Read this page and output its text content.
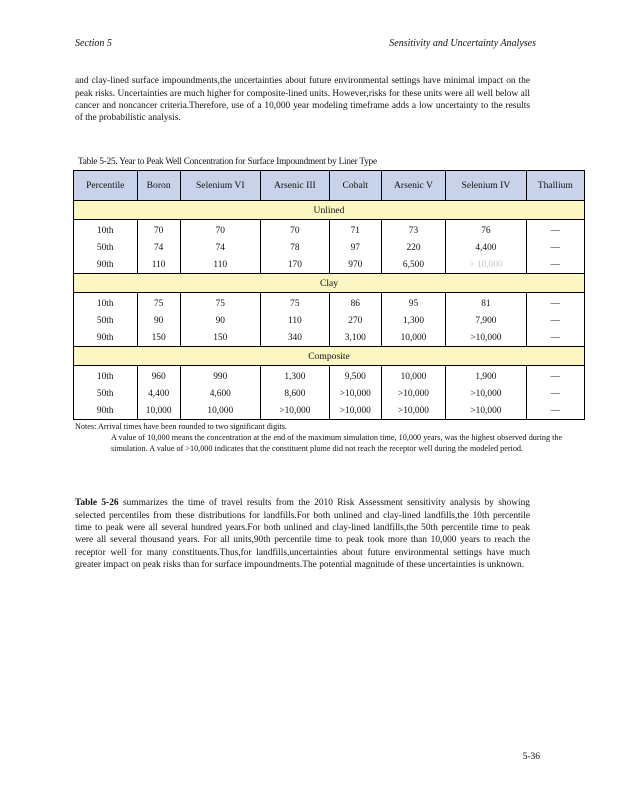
Section 5	Sensitivity and Uncertainty Analyses

and clay-lined surface impoundments,the uncertainties about future environmental settings have minimal impact on the peak risks. Uncertainties are much higher for composite-lined units. However,risks for these units were all well below all cancer and noncancer criteria.Therefore, use of a 10,000 year modeling timeframe adds a low uncertainty to the results of the probabilistic analysis.

Table 5-25. Year to Peak Well Concentration for Surface Impoundment by Liner Type
Percentile	Boron	Selenium VI	Arsenic III	Cobalt	Arsenic V	Selenium IV	Thallium
Unlined							
10th	70	70	70	71	73	76	—
50th	74	74	78	97	220	4,400	—
90th	110	110	170	970	6,500	> 10,000	—
Clay							
10th	75	75	75	86	95	81	—
50th	90	90	110	270	1,300	7,900	—
90th	150	150	340	3,100	10,000	>10,000	—
Composite							
10th	960	990	1,300	9,500	10,000	1,900	—
50th	4,400	4,600	8,600	>10,000	>10,000	>10,000	—
90th	10,000	10,000	>10,000	>10,000	>10,000	>10,000	—
Notes: Arrival times have been rounded to two significant digits.
A value of 10,000 means the concentration at the end of the maximum simulation time, 10,000 years, was the highest observed during the simulation. A value of >10,000 indicates that the constituent plume did not reach the receptor well during the modeled period.

Table 5-26 summarizes the time of travel results from the 2010 Risk Assessment sensitivity analysis by showing selected percentiles from these distributions for landfills.For both unlined and clay-lined landfills,the 10th percentile time to peak were all several hundred years.For both unlined and clay-lined landfills,the 50th percentile time to peak were all several thousand years. For all units,90th percentile time to peak took more than 10,000 years to reach the receptor well for many constituents.Thus,for landfills,uncertainties about future environmental settings have much greater impact on peak risks than for surface impoundments.The potential magnitude of these uncertainties is unknown.

5-36
